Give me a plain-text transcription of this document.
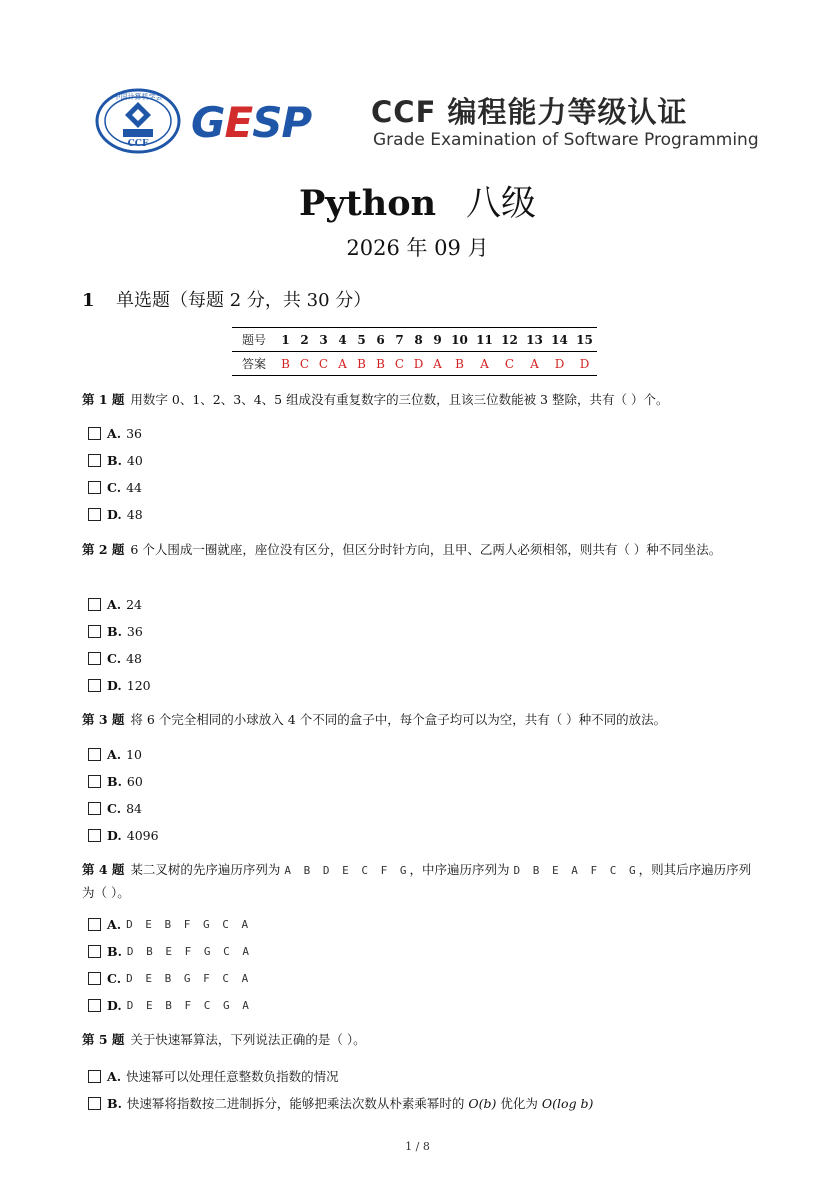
中国计算机学会
CCF GESP CCF 编程能力等级认证
Grade Examination of Software Programming
Python 八级
2026 年 09 月
1 单选题（每题 2 分，共 30 分）
题号	1	2	3	4	5	6	7	8	9	10	11	12	13	14	15
答案	B	C	C	A	B	B	C	D	A	B	A	C	A	D	D
第 1 题 用数字 0、1、2、3、4、5 组成没有重复数字的三位数，且该三位数能被 3 整除，共有（ ）个。
A. 36
B. 40
C. 44
D. 48
第 2 题 6 个人围成一圈就座，座位没有区分，但区分时针方向，且甲、乙两人必须相邻，则共有（ ）种不同坐法。
A. 24
B. 36
C. 48
D. 120
第 3 题 将 6 个完全相同的小球放入 4 个不同的盒子中，每个盒子均可以为空，共有（ ）种不同的放法。
A. 10
B. 60
C. 84
D. 4096
第 4 题 某二叉树的先序遍历序列为 A B D E C F G，中序遍历序列为 D B E A F C G，则其后序遍历序列为（ ）。
A. D E B F G C A
B. D B E F G C A
C. D E B G F C A
D. D E B F C G A
第 5 题 关于快速幂算法，下列说法正确的是（ ）。
A. 快速幂可以处理任意整数负指数的情况
B. 快速幂将指数按二进制拆分，能够把乘法次数从朴素乘幂时的
O(b)
优化为
O(log b)
1 / 8
